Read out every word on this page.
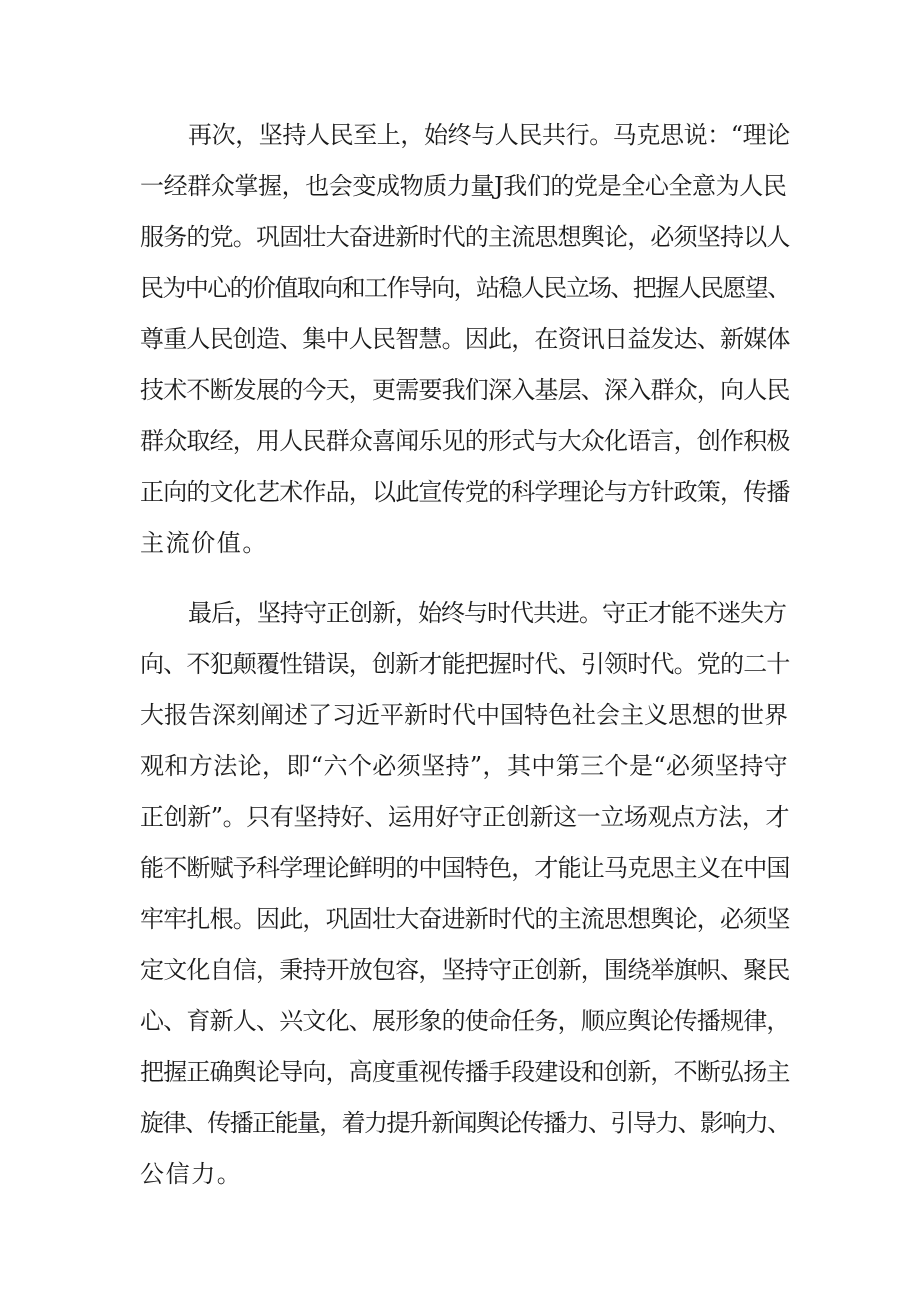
再次，坚持人民至上，始终与人民共行。马克思说：“理论
一经群众掌握，也会变成物质力量J我们的党是全心全意为人民
服务的党。巩固壮大奋进新时代的主流思想舆论，必须坚持以人
民为中心的价值取向和工作导向，站稳人民立场、把握人民愿望、
尊重人民创造、集中人民智慧。因此，在资讯日益发达、新媒体
技术不断发展的今天，更需要我们深入基层、深入群众，向人民
群众取经，用人民群众喜闻乐见的形式与大众化语言，创作积极
正向的文化艺术作品，以此宣传党的科学理论与方针政策，传播
主流价值。
最后，坚持守正创新，始终与时代共进。守正才能不迷失方
向、不犯颠覆性错误，创新才能把握时代、引领时代。党的二十
大报告深刻阐述了习近平新时代中国特色社会主义思想的世界
观和方法论，即“六个必须坚持”，其中第三个是“必须坚持守
正创新”。只有坚持好、运用好守正创新这一立场观点方法，才
能不断赋予科学理论鲜明的中国特色，才能让马克思主义在中国
牢牢扎根。因此，巩固壮大奋进新时代的主流思想舆论，必须坚
定文化自信，秉持开放包容，坚持守正创新，围绕举旗帜、聚民
心、育新人、兴文化、展形象的使命任务，顺应舆论传播规律，
把握正确舆论导向，高度重视传播手段建设和创新，不断弘扬主
旋律、传播正能量，着力提升新闻舆论传播力、引导力、影响力、
公信力。
